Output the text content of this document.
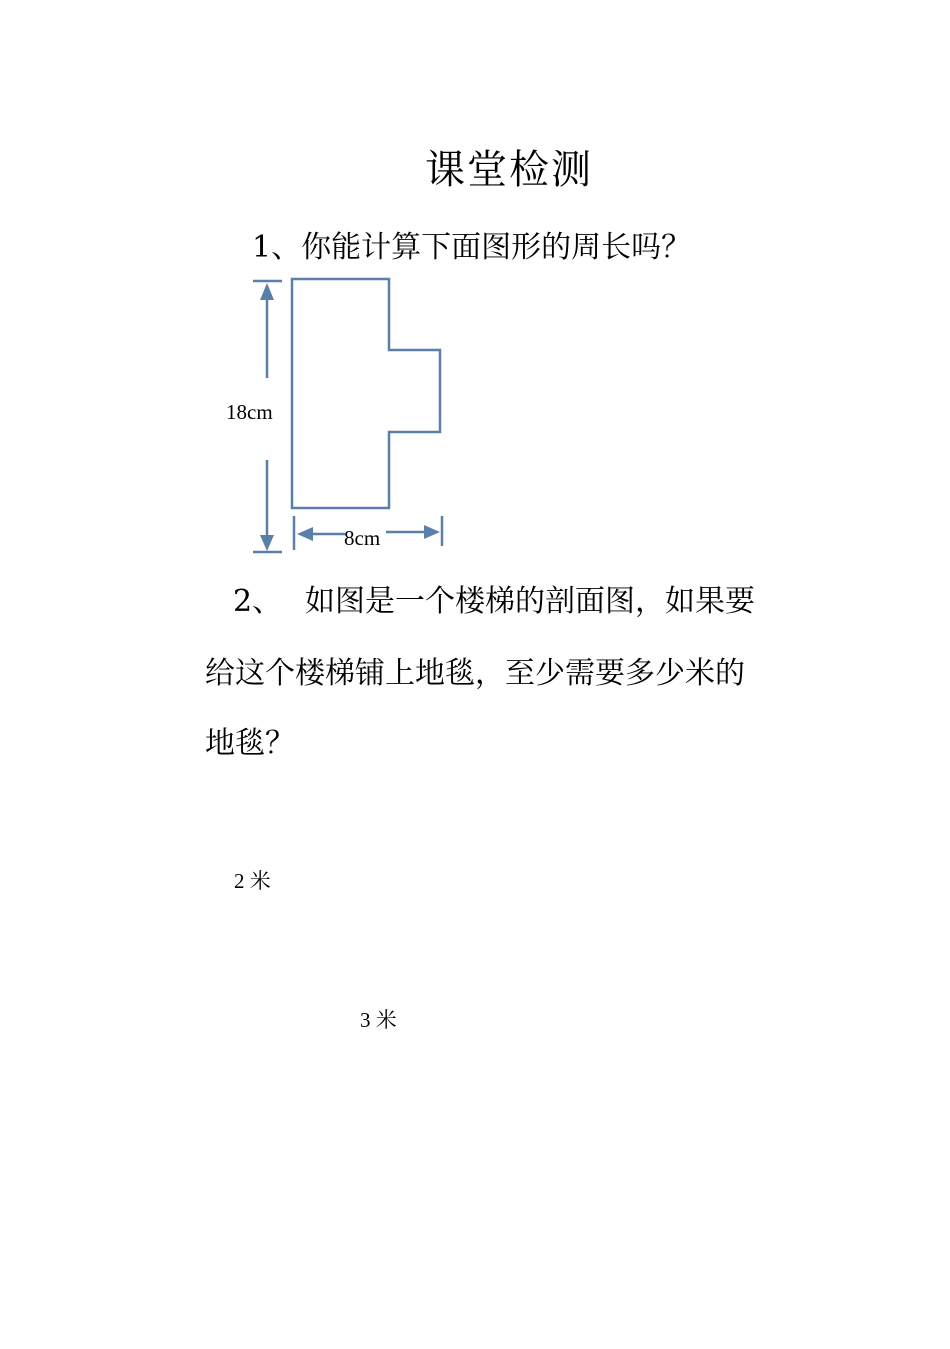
课堂检测
1、你能计算下面图形的周长吗？
18cm
8cm
2、 如图是一个楼梯的剖面图，如果要
给这个楼梯铺上地毯，至少需要多少米的
地毯？
2 米
3 米
